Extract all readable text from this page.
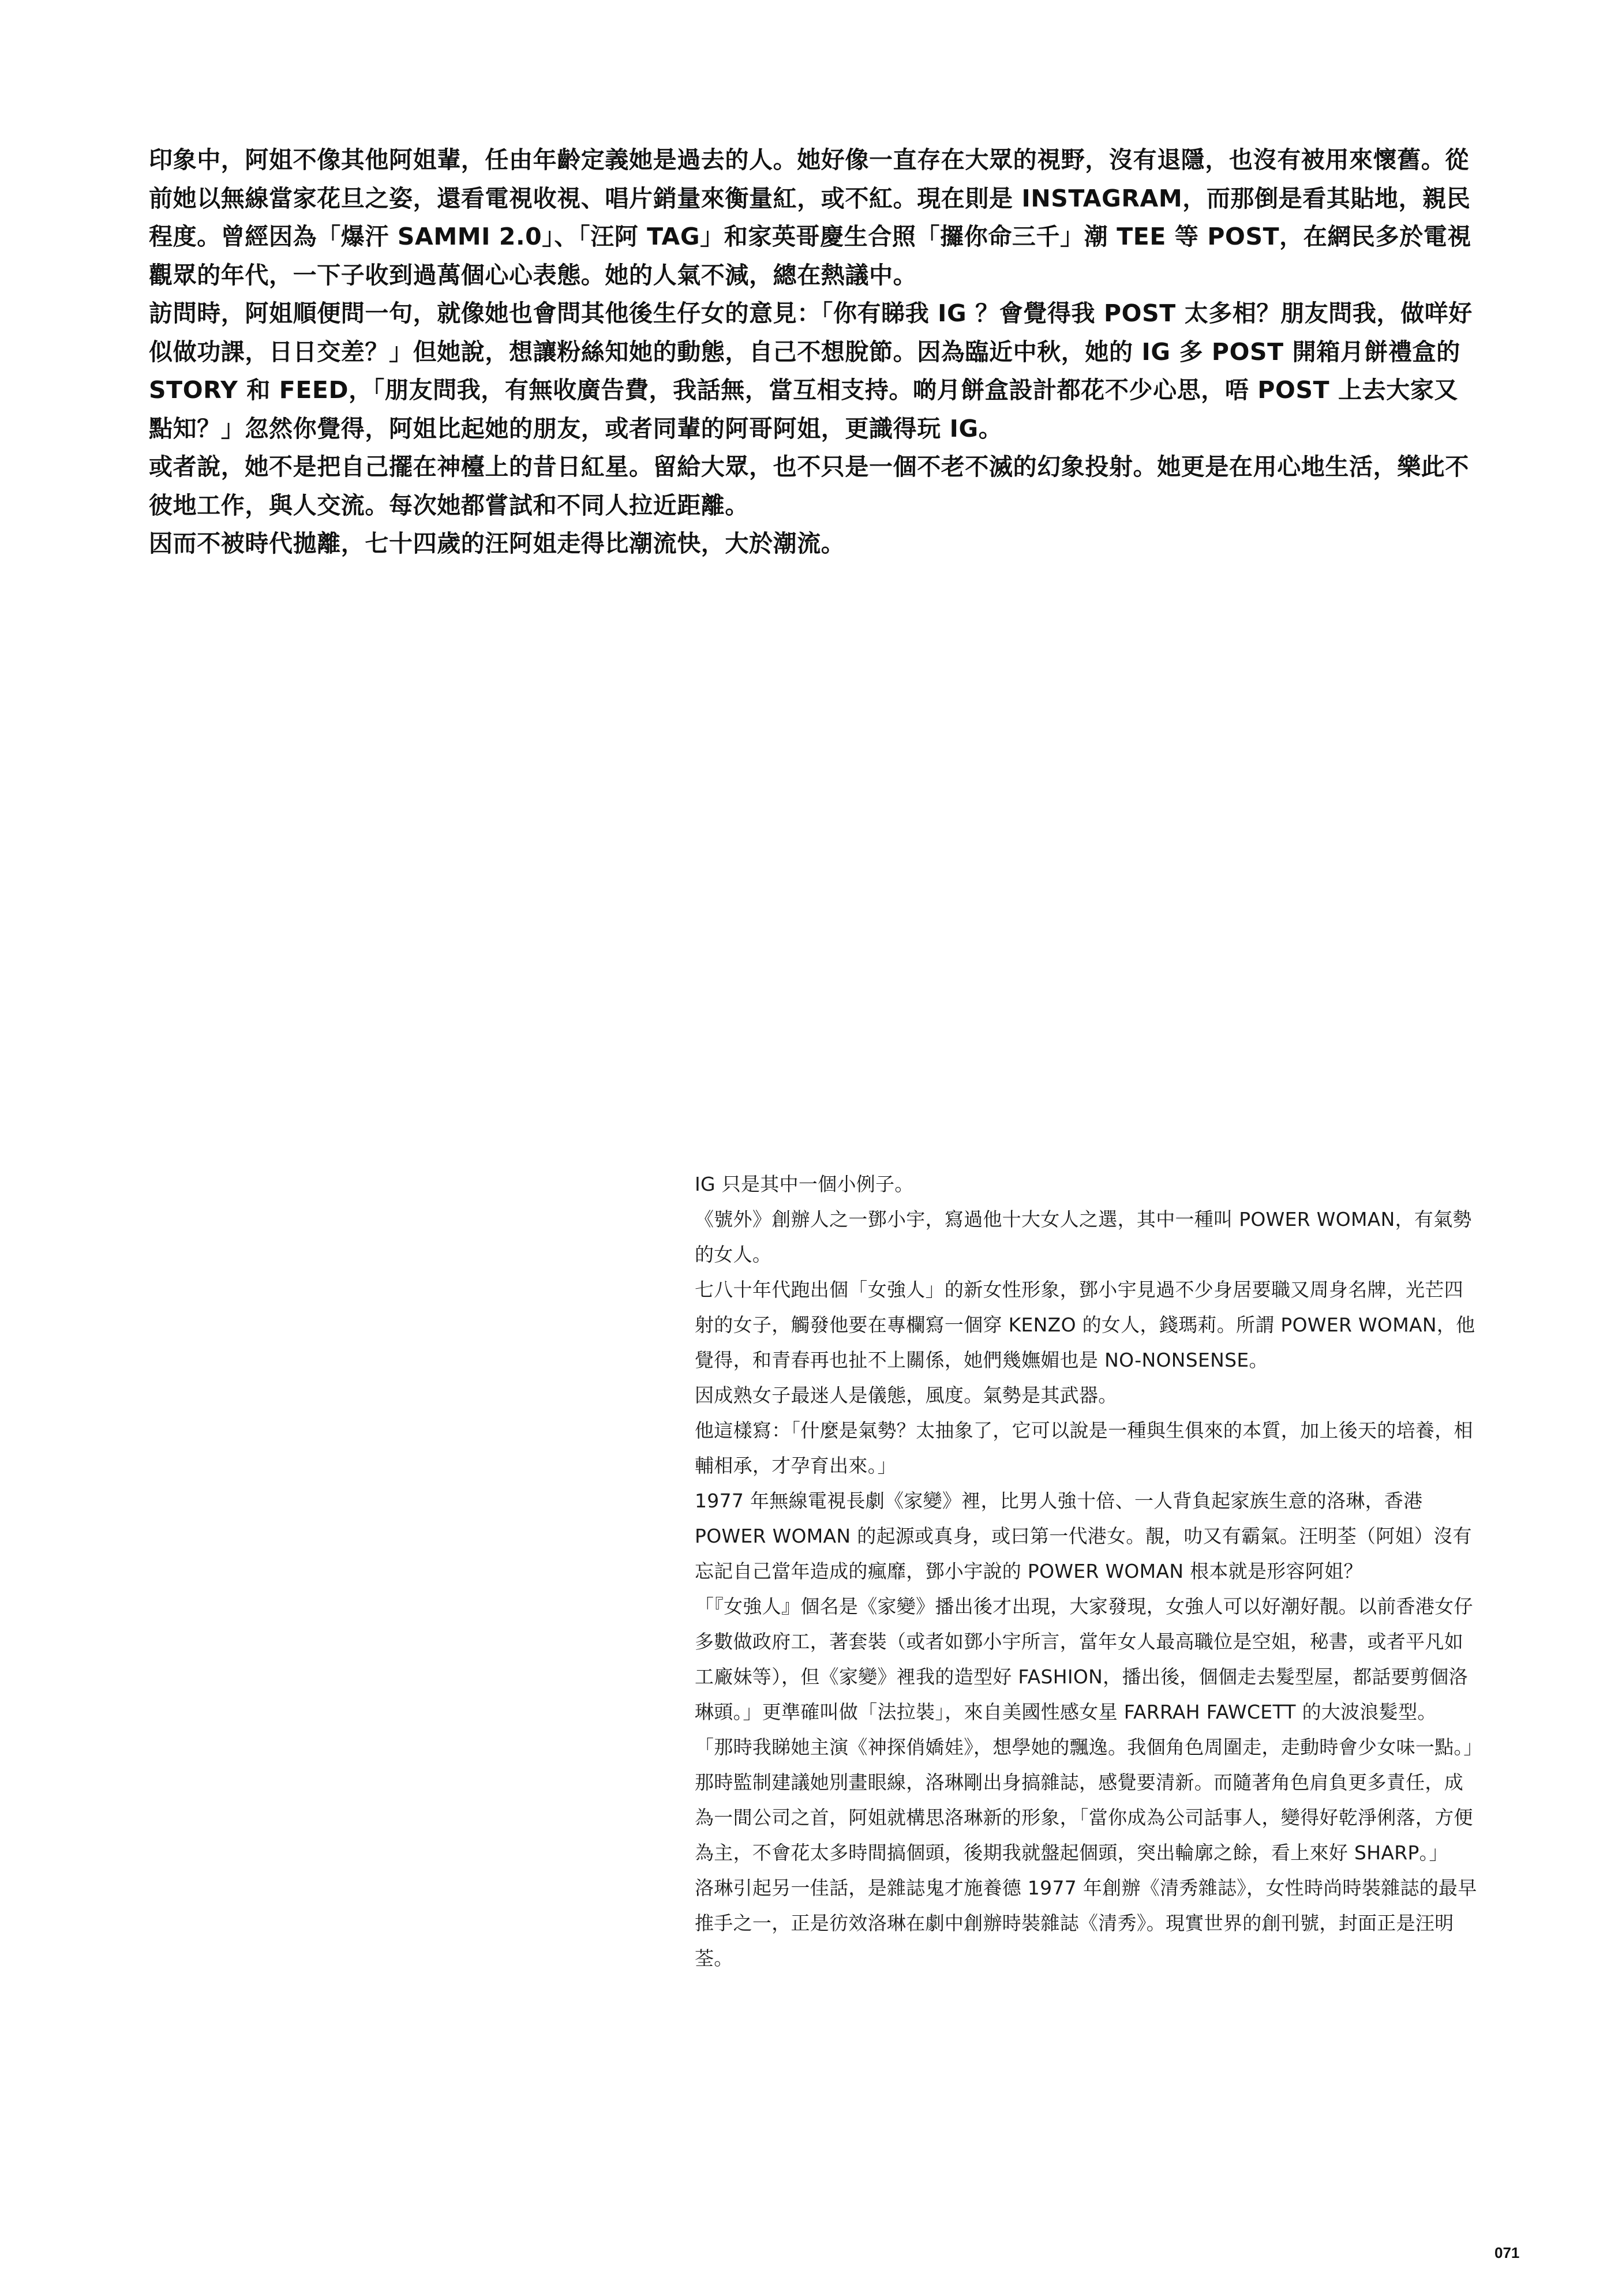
印象中，阿姐不像其他阿姐輩，任由年齡定義她是過去的人。她好像一直存在大眾的視野，沒有退隱，也沒有被用來懷舊。從前她以無線當家花旦之姿，還看電視收視、唱片銷量來衡量紅，或不紅。現在則是 INSTAGRAM，而那倒是看其貼地，親民程度。曾經因為「爆汗 SAMMI 2.0」、「汪阿 TAG」和家英哥慶生合照「攞你命三千」潮 TEE 等 POST，在網民多於電視觀眾的年代，一下子收到過萬個心心表態。她的人氣不減，總在熱議中。

訪問時，阿姐順便問一句，就像她也會問其他後生仔女的意見：「你有睇我 IG ？會覺得我 POST 太多相？朋友問我，做咩好似做功課，日日交差？」但她說，想讓粉絲知她的動態，自己不想脫節。因為臨近中秋，她的 IG 多 POST 開箱月餅禮盒的 STORY 和 FEED，「朋友問我，有無收廣告費，我話無，當互相支持。啲月餅盒設計都花不少心思，唔 POST 上去大家又點知？」忽然你覺得，阿姐比起她的朋友，或者同輩的阿哥阿姐，更識得玩 IG。

或者說，她不是把自己擺在神檯上的昔日紅星。留給大眾，也不只是一個不老不滅的幻象投射。她更是在用心地生活，樂此不彼地工作，與人交流。每次她都嘗試和不同人拉近距離。

因而不被時代拋離，七十四歲的汪阿姐走得比潮流快，大於潮流。

IG 只是其中一個小例子。

《號外》創辦人之一鄧小宇，寫過他十大女人之選，其中一種叫 POWER WOMAN，有氣勢的女人。

七八十年代跑出個「女強人」的新女性形象，鄧小宇見過不少身居要職又周身名牌，光芒四射的女子，觸發他要在專欄寫一個穿 KENZO 的女人，錢瑪莉。所謂 POWER WOMAN，他覺得，和青春再也扯不上關係，她們幾嫵媚也是 NO-NONSENSE。

因成熟女子最迷人是儀態，風度。氣勢是其武器。

他這樣寫：「什麼是氣勢？太抽象了，它可以說是一種與生俱來的本質，加上後天的培養，相輔相承，才孕育出來。」

1977 年無線電視長劇《家變》裡，比男人強十倍、一人背負起家族生意的洛琳，香港 POWER WOMAN 的起源或真身，或曰第一代港女。靚，叻又有霸氣。汪明荃（阿姐）沒有忘記自己當年造成的瘋靡，鄧小宇說的 POWER WOMAN 根本就是形容阿姐？

「『女強人』個名是《家變》播出後才出現，大家發現，女強人可以好潮好靚。以前香港女仔多數做政府工，著套裝（或者如鄧小宇所言，當年女人最高職位是空姐，秘書，或者平凡如工廠妹等），但《家變》裡我的造型好 FASHION，播出後，個個走去髮型屋，都話要剪個洛琳頭。」更準確叫做「法拉裝」，來自美國性感女星 FARRAH FAWCETT 的大波浪髮型。

「那時我睇她主演《神探俏嬌娃》，想學她的飄逸。我個角色周圍走，走動時會少女味一點。」那時監制建議她別畫眼線，洛琳剛出身搞雜誌，感覺要清新。而隨著角色肩負更多責任，成為一間公司之首，阿姐就構思洛琳新的形象，「當你成為公司話事人，變得好乾淨俐落，方便為主，不會花太多時間搞個頭，後期我就盤起個頭，突出輪廓之餘，看上來好 SHARP。」

洛琳引起另一佳話，是雜誌鬼才施養德 1977 年創辦《清秀雜誌》，女性時尚時裝雜誌的最早推手之一，正是彷效洛琳在劇中創辦時裝雜誌《清秀》。現實世界的創刊號，封面正是汪明荃。

071
